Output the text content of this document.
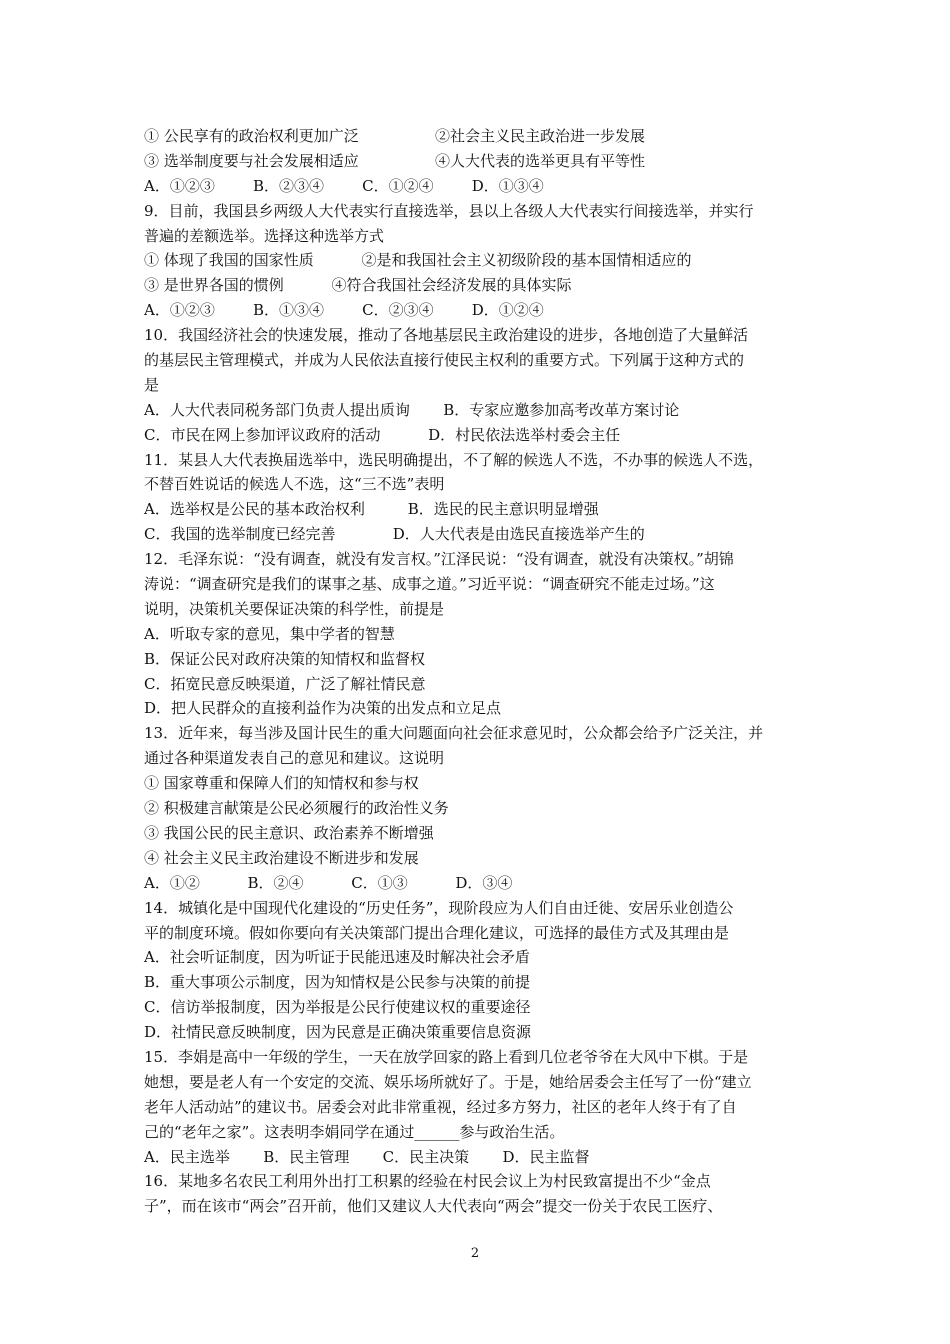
① 公民享有的政治权利更加广泛                ②社会主义民主政治进一步发展
③ 选举制度要与社会发展相适应                ④人大代表的选举更具有平等性
A．①②③        B．②③④        C．①②④        D．①③④
9．目前，我国县乡两级人大代表实行直接选举，县以上各级人大代表实行间接选举，并实行
普遍的差额选举。选择这种选举方式
① 体现了我国的国家性质          ②是和我国社会主义初级阶段的基本国情相适应的
③ 是世界各国的惯例          ④符合我国社会经济发展的具体实际
A．①②③        B．①③④        C．②③④        D．①②④
10．我国经济社会的快速发展，推动了各地基层民主政治建设的进步，各地创造了大量鲜活
的基层民主管理模式，并成为人民依法直接行使民主权利的重要方式。下列属于这种方式的
是
A．人大代表同税务部门负责人提出质询       B．专家应邀参加高考改革方案讨论
C．市民在网上参加评议政府的活动          D．村民依法选举村委会主任
11．某县人大代表换届选举中，选民明确提出，不了解的候选人不选，不办事的候选人不选，
不替百姓说话的候选人不选，这“三不选”表明
A．选举权是公民的基本政治权利         B．选民的民主意识明显增强
C．我国的选举制度已经完善            D．人大代表是由选民直接选举产生的
12．毛泽东说：“没有调查，就没有发言权。”江泽民说：“没有调查，就没有决策权。”胡锦
涛说：“调查研究是我们的谋事之基、成事之道。”习近平说：“调查研究不能走过场。”这
说明，决策机关要保证决策的科学性，前提是
A．听取专家的意见，集中学者的智慧
B．保证公民对政府决策的知情权和监督权
C．拓宽民意反映渠道，广泛了解社情民意
D．把人民群众的直接利益作为决策的出发点和立足点
13．近年来，每当涉及国计民生的重大问题面向社会征求意见时，公众都会给予广泛关注，并
通过各种渠道发表自己的意见和建议。这说明
① 国家尊重和保障人们的知情权和参与权
② 积极建言献策是公民必须履行的政治性义务
③ 我国公民的民主意识、政治素养不断增强
④ 社会主义民主政治建设不断进步和发展
A．①②          B．②④          C．①③          D．③④
14．城镇化是中国现代化建设的“历史任务”，现阶段应为人们自由迁徙、安居乐业创造公
平的制度环境。假如你要向有关决策部门提出合理化建议，可选择的最佳方式及其理由是
A．社会听证制度，因为听证于民能迅速及时解决社会矛盾
B．重大事项公示制度，因为知情权是公民参与决策的前提
C．信访举报制度，因为举报是公民行使建议权的重要途径
D．社情民意反映制度，因为民意是正确决策重要信息资源
15．李娟是高中一年级的学生，一天在放学回家的路上看到几位老爷爷在大风中下棋。于是
她想，要是老人有一个安定的交流、娱乐场所就好了。于是，她给居委会主任写了一份“建立
老年人活动站”的建议书。居委会对此非常重视，经过多方努力，社区的老年人终于有了自
己的“老年之家”。这表明李娟同学在通过______参与政治生活。
A．民主选举       B．民主管理       C．民主决策       D．民主监督
16．某地多名农民工利用外出打工积累的经验在村民会议上为村民致富提出不少“金点
子”，而在该市“两会”召开前，他们又建议人大代表向“两会”提交一份关于农民工医疗、
2
